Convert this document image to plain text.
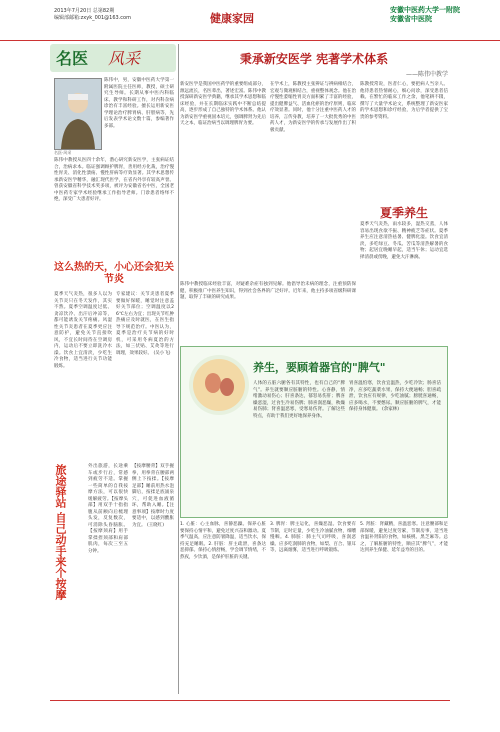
2013年7月20日 总第82期
编辑部邮箱:zxyk_001@163.com	健康家园
安徽中医药大学一附院
安徽省中医院
名医 风采
陈伟中，男，安徽中医药大学第一附属医院主任医师，教授，硕士研究生导师。长期从事中医内科临床、教学和科研工作，对内科杂病诊治有丰富经验。擅长运用新安医学理论治疗脾胃病、肝胆病等，先后发表学术论文数十篇，参编著作多部。
名医·风采
陈伟中教授从医四十余年，潜心研究新安医学，主张病证结合，治病求本。临证强调顾护脾胃，善用经方化裁，治疗慢性胃炎、消化性溃疡、慢性肝病等疗效显著。其学术思想传承新安医学精华，融汇现代医学，在省内外享有较高声誉。曾获安徽省科学技术奖多项，被评为安徽省名中医，全国老中医药专家学术经验继承工作指导老师。门诊患者络绎不绝，深受广大患者好评。
这么热的天，小心还会犯关节炎
夏季天气炎热，很多人以为关节炎只在冬天发作，其实不然。夏季空调温度过低、贪凉饮冷、出汗后冲凉等，都可能诱发关节疼痛。风湿性关节炎患者在夏季更应注意防护，避免关节直接吹风，不宜长时间待在空调房内，运动后不要立即洗冷水澡。饮食上宜清淡，少吃生冷食物，适当进行关节功能锻炼。
专家建议：关节炎患者夏季要做好保暖，睡觉时注意盖好关节部位；空调温度以26℃左右为宜；出现关节红肿热痛应及时就医，在医生指导下规范治疗。中医认为，夏季是治疗关节病的好时机，可采用冬病夏治的方法，如三伏贴、艾灸等进行调理，效果较好。 (吴小飞)
旅途驿站 自己动手来个按摩	外出旅游，长途乘车或步行后，常感到疲劳不适。掌握一些简单的自我按摩方法，可以很快缓解疲劳。【按摩头部】用双手十指指腹从前额向后梳理头发，反复数次，可消除头昏脑胀。【按摩颈肩】用手掌揉捏颈部和肩部肌肉，每次三至五分钟。
【按摩腰背】双手握拳，用拳背在腰部两侧上下按揉。【按摩足部】睡前用热水泡脚后，按揉足底涌泉穴，可促进血液循环，帮助入睡。【注意事项】按摩时力度要适中，以感到酸胀为宜。 (王晓红)
秉承新安医学 宪著学术体系
——陈伟中教学
新安医学是我国中医药学的重要组成部分，源远流长，名医辈出，著述宏富。陈伟中教授深研新安医学典籍，继承其学术思想和临床经验，并在长期临床实践中不断总结提高，逐步形成了自己独特的学术体系。他认为新安医学重视固本培元，强调脾肾为先后天之本，临证治病当以调理脾胃为要。
在学术上，陈教授主张辨证与辨病相结合，宏观与微观相结合，重视整体观念。他在治疗慢性萎缩性胃炎方面积累了丰富的经验，提出健脾益气、活血化瘀的治疗原则，临床疗效显著。同时，他十分注重中医药人才的培养，言传身教，培养了一大批优秀的中医药人才，为新安医学的传承与发展作出了积极贡献。
陈教授常说，医者仁心，要把病人当亲人。他待患者热情耐心，细心问诊，深受患者信赖。在繁忙的临床工作之余，他笔耕不辍，撰写了大量学术论文，系统整理了新安医家的学术思想和诊疗经验，为后学者提供了宝贵的参考资料。
夏季养生
夏季天气炎热，雨水较多，湿热交蒸，人体容易出现食欲不振、精神疲乏等症状。夏季养生应注意清热祛暑、健脾化湿。饮食宜清淡，多吃绿豆、冬瓜、苦瓜等清热解暑的食物；起居宜晚睡早起，适当午休；运动宜选择清晨或傍晚，避免大汗淋漓。
陈伟中教授临床经验丰富，对疑难杂症有独到见解。他倡导治未病的理念，注重预防保健，积极推广中医养生知识，得到社会各界的广泛好评。近年来，他主持多项省级科研课题，取得了丰硕的研究成果。
养生，要顾着器官的"脾气"
人体的五脏六腑各有其特性，也有自己的“脾气”。养生就要顺应脏腑的特性。心喜静，情绪激动易伤心；肝喜条达，郁怒易伤肝；脾喜燥恶湿，过食生冷易伤脾；肺喜润恶燥，秋燥易伤肺；肾喜温恶寒，受寒易伤肾。了解这些特点，有助于我们更好地保养身体。
胃喜温怕寒，饮食宜温热，少吃冷饮；肠喜洁净，应多吃蔬菜水果，保持大便通畅；胆喜疏泄，饮食应有规律，少吃油腻；膀胱喜通畅，应多喝水，不要憋尿。顺应脏腑的脾气，才能保持身体健康。 (余家林)
1. 心脏：心主血脉，喜静恶躁。保养心脏要保持心情平和，避免过度兴奋和激动。夏季气温高，应注意防暑降温，适当饮水，保持充足睡眠。2. 肝脏：肝主疏泄，喜条达恶抑郁。保持心情舒畅，学会调节情绪，不熬夜，少饮酒，是保护肝脏的关键。
3. 脾胃：脾主运化，喜燥恶湿。饮食要有节制，定时定量，少吃生冷油腻食物，细嚼慢咽。4. 肺脏：肺主气司呼吸，喜润恶燥。应多吃润肺的食物，如梨、百合、银耳等，远离烟雾，适当进行呼吸锻炼。
5. 肾脏：肾藏精，喜温恶寒。注意腰部和足部保暖，避免过度劳累，节制房事，适当进食温补肾阳的食物，如核桃、黑芝麻等。总之，了解脏腑的特性，顺应其“脾气”，才能达到养生保健、延年益寿的目的。
